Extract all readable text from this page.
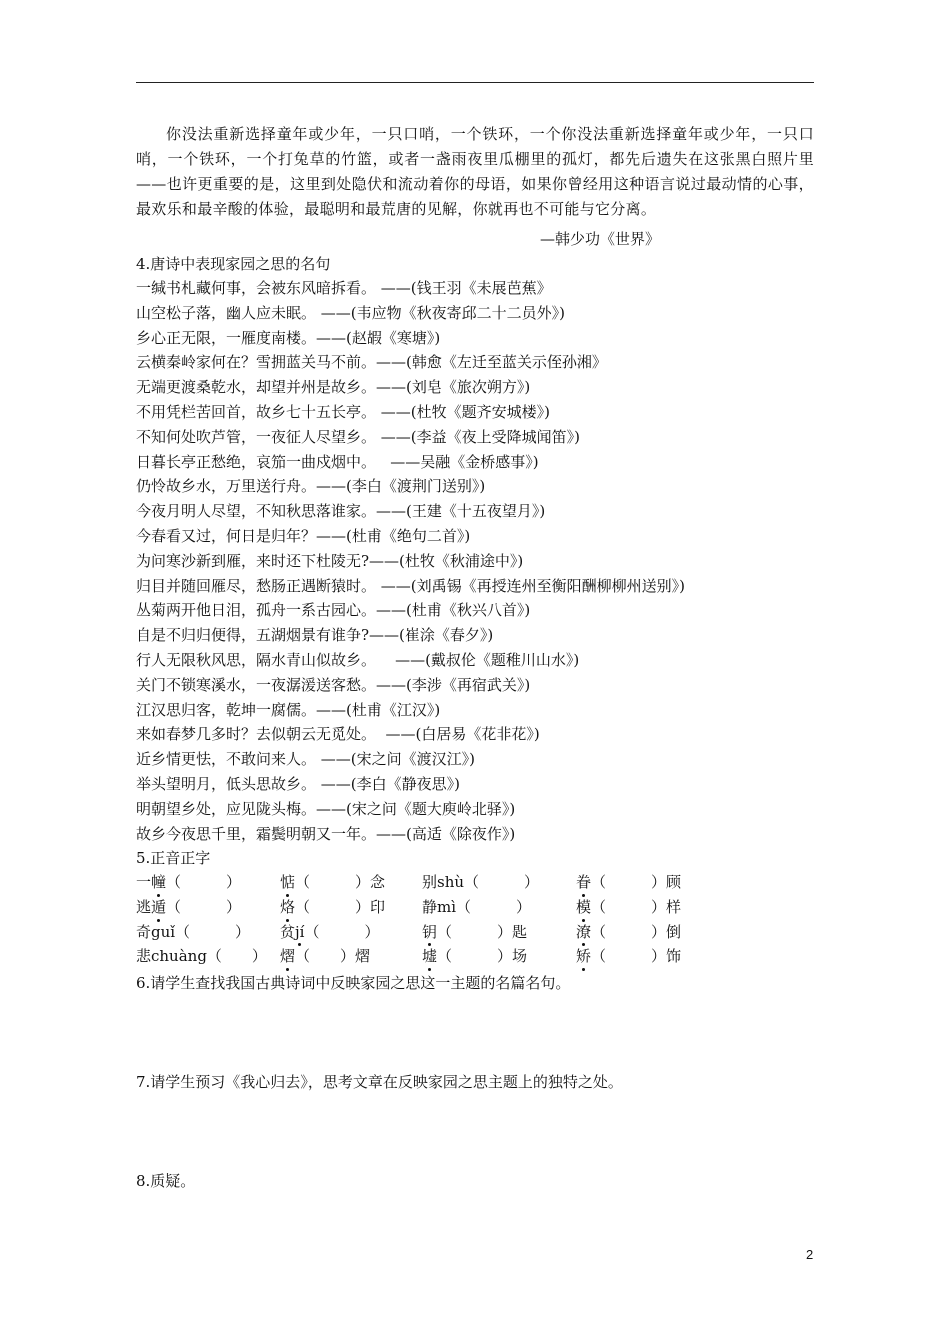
你没法重新选择童年或少年，一只口哨，一个铁环，一个你没法重新选择童年或少年，一只口哨，一个铁环，一个打兔草的竹篮，或者一盏雨夜里瓜棚里的孤灯，都先后遗失在这张黑白照片里——也许更重要的是，这里到处隐伏和流动着你的母语，如果你曾经用这种语言说过最动情的心事，最欢乐和最辛酸的体验，最聪明和最荒唐的见解，你就再也不可能与它分离。
—韩少功《世界》
4.唐诗中表现家园之思的名句
一缄书札藏何事，会被东风暗拆看。 ——(钱王羽《未展芭蕉》
山空松子落，幽人应未眠。 ——(韦应物《秋夜寄邱二十二员外》)
乡心正无限，一雁度南楼。——(赵嘏《寒塘》)
云横秦岭家何在？雪拥蓝关马不前。——(韩愈《左迁至蓝关示侄孙湘》
无端更渡桑乾水，却望并州是故乡。——(刘皂《旅次朔方》)
不用凭栏苦回首，故乡七十五长亭。 ——(杜牧《题齐安城楼》)
不知何处吹芦管，一夜征人尽望乡。 ——(李益《夜上受降城闻笛》)
日暮长亭正愁绝，哀笳一曲戍烟中。   ——吴融《金桥感事》)
仍怜故乡水，万里送行舟。——(李白《渡荆门送别》)
今夜月明人尽望，不知秋思落谁家。——(王建《十五夜望月》)
今春看又过，何日是归年？——(杜甫《绝句二首》)
为问寒沙新到雁，来时还下杜陵无?——(杜牧《秋浦途中》)
归目并随回雁尽，愁肠正遇断猿时。 ——(刘禹锡《再授连州至衡阳酬柳柳州送别》)
丛菊两开他日泪，孤舟一系古园心。——(杜甫《秋兴八首》)
自是不归归便得，五湖烟景有谁争?——(崔涂《春夕》)
行人无限秋风思，隔水青山似故乡。    ——(戴叔伦《题稚川山水》)
关门不锁寒溪水，一夜潺湲送客愁。——(李涉《再宿武关》)
江汉思归客，乾坤一腐儒。——(杜甫《江汉》)
来如春梦几多时？去似朝云无觅处。  ——(白居易《花非花》)
近乡情更怯，不敢问来人。 ——(宋之问《渡汉江》)
举头望明月，低头思故乡。 ——(李白《静夜思》)
明朝望乡处，应见陇头梅。——(宋之问《题大庾岭北驿》)
故乡今夜思千里，霜鬓明朝又一年。——(高适《除夜作》)
5.正音正字
一幢（　　　）	惦（　　　）念 别shù（　　　） 眷（　　　）顾
逃遁（　　　）	烙（　　　）印 静mì（　　　）	模（　　　）样
奇guǐ（　　　） 贫jí（　　　）	钥（　　　）匙	潦（　　　）倒
悲chuàng（　　） 熠（　　）熠	墟（　　　）场	矫（　　　）饰
6.请学生查找我国古典诗词中反映家园之思这一主题的名篇名句。
7.请学生预习《我心归去》，思考文章在反映家园之思主题上的独特之处。
8.质疑。
2
